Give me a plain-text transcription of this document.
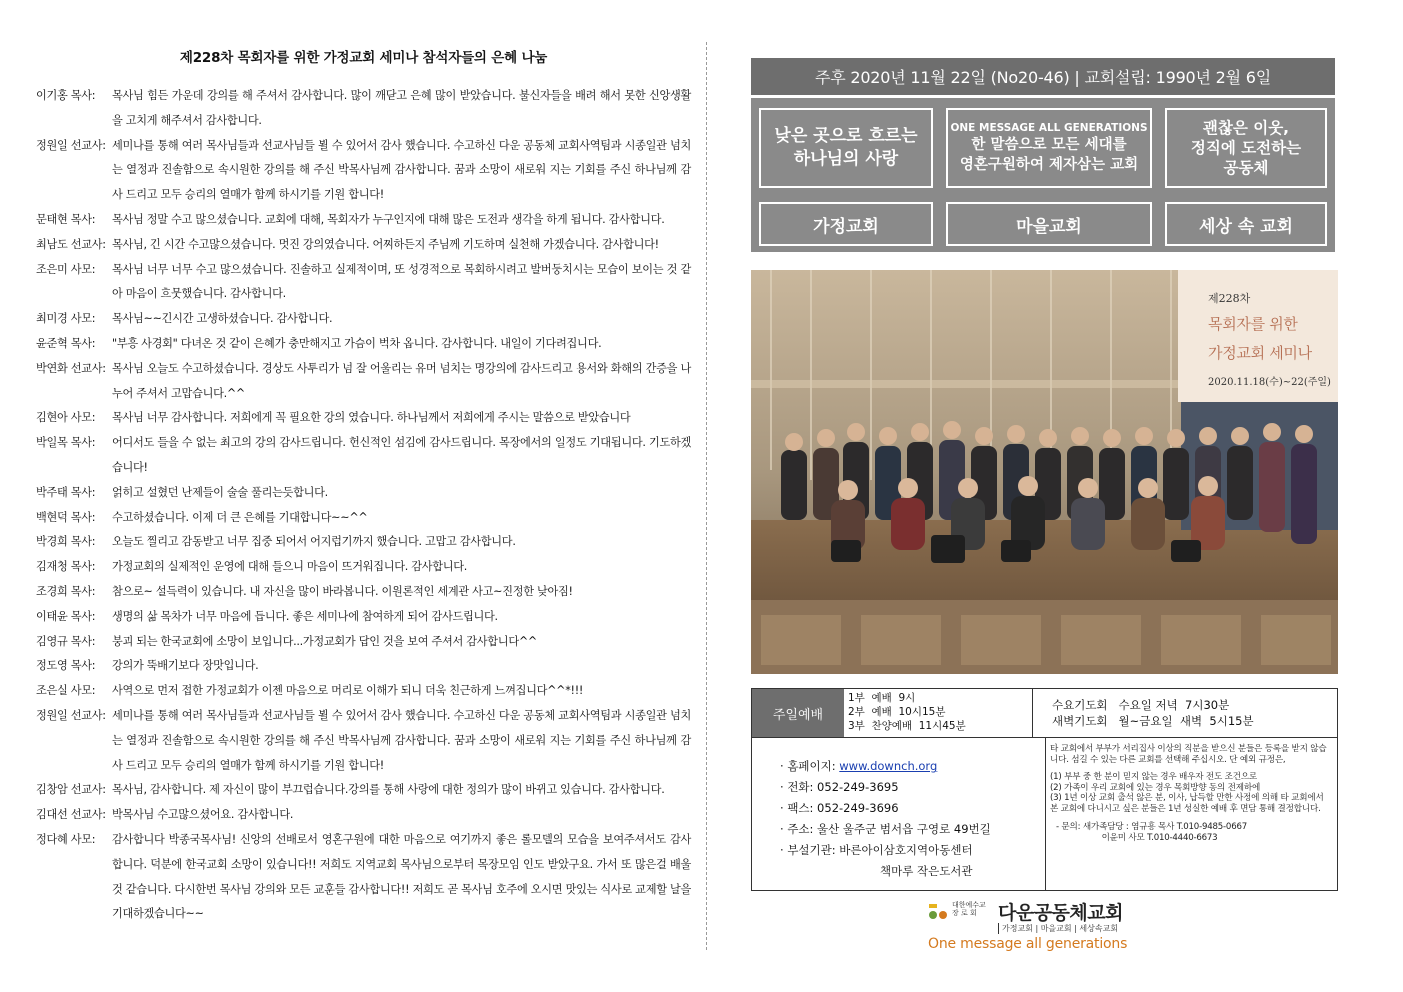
제228차 목회자를 위한 가정교회 세미나 참석자들의 은혜 나눔
이기홍 목사:	목사님 힘든 가운데 강의를 해 주셔서 감사합니다. 많이 깨닫고 은혜 많이 받았습니다. 불신자들을 배려 해서 못한 신앙생활을 고치게 해주셔서 감사합니다.
정원일 선교사: 세미나를 통해 여러 목사님들과 선교사님들 뵐 수 있어서 감사 했습니다. 수고하신 다운 공동체 교회사역팀과 시종일관 넘치는 열정과 진솔함으로 속시원한 강의를 해 주신 박목사님께 감사합니다. 꿈과 소망이 새로워 지는 기회를 주신 하나님께 감사 드리고 모두 승리의 열매가 함께 하시기를 기원 합니다!
문태현 목사:	목사님 정말 수고 많으셨습니다. 교회에 대해, 목회자가 누구인지에 대해 많은 도전과 생각을 하게 됩니다. 감사합니다.
최남도 선교사: 목사님, 긴 시간 수고많으셨습니다. 멋진 강의였습니다. 어찌하든지 주님께 기도하며 실천해 가겠습니다. 감사합니다!
조은미 사모:	목사님 너무 너무 수고 많으셨습니다. 진솔하고 실제적이며, 또 성경적으로 목회하시려고 발버둥치시는 모습이 보이는 것 같아 마음이 흐뭇했습니다. 감사합니다.
최미경 사모:	목사님~~긴시간 고생하셨습니다. 감사합니다.
윤준혁 목사:	"부흥 사경회" 다녀온 것 같이 은혜가 충만해지고 가슴이 벅차 옵니다. 감사합니다. 내일이 기다려집니다.
박연화 선교사: 목사님 오늘도 수고하셨습니다. 경상도 사투리가 넘 잘 어울리는 유머 넘치는 명강의에 감사드리고 용서와 화해의 간증을 나누어 주셔서 고맙습니다.^^
김현아 사모:	목사님 너무 감사합니다. 저희에게 꼭 필요한 강의 였습니다. 하나님께서 저희에게 주시는 말씀으로 받았습니다
박일목 목사:	어디서도 들을 수 없는 최고의 강의 감사드립니다. 헌신적인 섬김에 감사드립니다. 목장에서의 일정도 기대됩니다. 기도하겠습니다!
박주태 목사:	얽히고 설혔던 난제들이 술술 풀리는듯합니다.
백현덕 목사:	수고하셨습니다. 이제 더 큰 은혜를 기대합니다~~^^
박경희 목사:	오늘도 찔리고 감동받고 너무 집중 되어서 어지럽기까지 했습니다. 고맙고 감사합니다.
김재청 목사:	가정교회의 실제적인 운영에 대해 들으니 마음이 뜨거워집니다. 감사합니다.
조경희 목사:	참으로~ 설득력이 있습니다. 내 자신을 많이 바라봅니다. 이원론적인 세계관 사고~진정한 낮아짐!
이태윤 목사:	생명의 삶 목차가 너무 마음에 듭니다. 좋은 세미나에 참여하게 되어 감사드립니다.
김영규 목사:	붕괴 되는 한국교회에 소망이 보입니다...가정교회가 답인 것을 보여 주셔서 감사합니다^^
정도영 목사:	강의가 뚝배기보다 장맛입니다.
조은실 사모:	사역으로 먼저 접한 가정교회가 이젠 마음으로 머리로 이해가 되니 더욱 친근하게 느껴집니다^^*!!!
정원일 선교사: 세미나를 통해 여러 목사님들과 선교사님들 뵐 수 있어서 감사 했습니다. 수고하신 다운 공동체 교회사역팀과 시종일관 넘치는 열정과 진솔함으로 속시원한 강의를 해 주신 박목사님께 감사합니다. 꿈과 소망이 새로워 지는 기회를 주신 하나님께 감사 드리고 모두 승리의 열매가 함께 하시기를 기원 합니다!
김창암 선교사: 목사님, 감사합니다. 제 자신이 많이 부끄럽습니다.강의를 통해 사랑에 대한 정의가 많이 바뀌고 있습니다. 감사합니다.
김대선 선교사: 박목사님 수고많으셨어요. 감사합니다.
정다혜 사모:	감사합니다 박종국목사님! 신앙의 선배로서 영혼구원에 대한 마음으로 여기까지 좋은 롤모델의 모습을 보여주셔서도 감사합니다. 덕분에 한국교회 소망이 있습니다!! 저희도 지역교회 목사님으로부터 목장모임 인도 받았구요. 가서 또 많은걸 배울것 같습니다. 다시한번 목사님 강의와 모든 교훈들 감사합니다!! 저희도 곧 목사님 호주에 오시면 맛있는 식사로 교제할 날을 기대하겠습니다~~
주후 2020년 11월 22일 (No20-46) | 교회설립: 1990년 2월 6일
낮은 곳으로 흐르는
하나님의 사랑
ONE MESSAGE ALL GENERATIONS
한 말씀으로 모든 세대를
영혼구원하여 제자삼는 교회
괜찮은 이웃,
정직에 도전하는
공동체
가정교회	마을교회	세상 속 교회
제228차
목회자를 위한
가정교회 세미나
2020.11.18(수)~22(주일)
주일예배
1부  예배  9시
2부  예배  10시15분
3부  찬양예배  11시45분
수요기도회   수요일 저녁  7시30분
새벽기도회   월~금요일  새벽  5시15분
· 홈페이지: www.downch.org
· 전화: 052-249-3695
· 팩스: 052-249-3696
· 주소: 울산 울주군 범서읍 구영로 49번길
· 부설기관: 바른아이삼호지역아동센터
책마루 작은도서관

타 교회에서 부부가 서리집사 이상의 직분을 받으신 분들은 등록을 받지 않습니다. 섬길 수 있는 다른 교회를 선택해 주십시오. 단 예외 규정은,

(1) 부부 중 한 분이 믿지 않는 경우 배우자 전도 조건으로
(2) 가족이 우리 교회에 있는 경우 목회방향 동의 전제하에
(3) 1년 이상 교회 출석 않은 분, 이사, 납득할 만한 사정에 의해 타 교회에서 본 교회에 다니시고 싶은 분들은 1년 성실한 예배 후 면담 통해 결정합니다.

- 문의: 새가족담당 : 염규흥 목사 T.010-9485-0667
이윤미 사모 T.010-4440-6673
대한예수교
장 로 회	다운공동체교회
가정교회 | 마을교회 | 세상속교회
One message all generations
